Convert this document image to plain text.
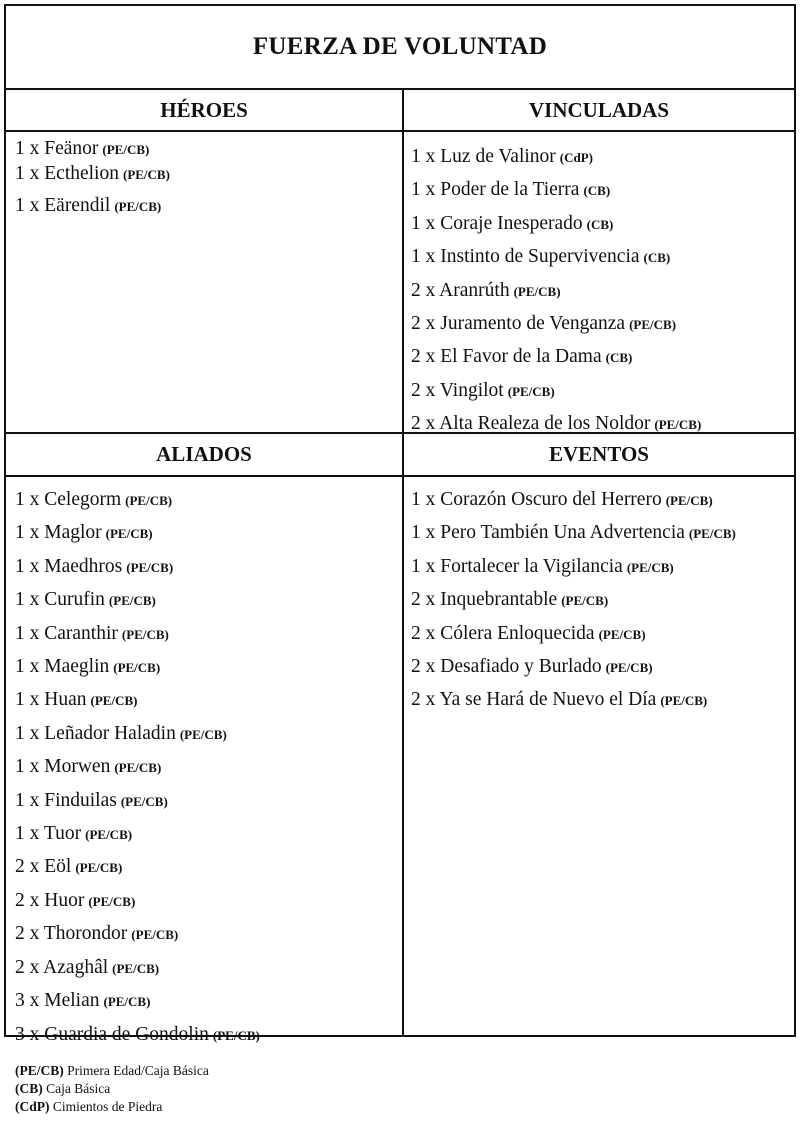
FUERZA DE VOLUNTAD
HÉROES	VINCULADAS
ALIADOS	EVENTOS
1 x Feänor (PE/CB)
1 x Ecthelion (PE/CB)
1 x Eärendil (PE/CB)
1 x Luz de Valinor (CdP)
1 x Poder de la Tierra (CB)
1 x Coraje Inesperado (CB)
1 x Instinto de Supervivencia (CB)
2 x Aranrúth (PE/CB)
2 x Juramento de Venganza (PE/CB)
2 x El Favor de la Dama (CB)
2 x Vingilot (PE/CB)
2 x Alta Realeza de los Noldor (PE/CB)
1 x Celegorm (PE/CB)
1 x Maglor (PE/CB)
1 x Maedhros (PE/CB)
1 x Curufin (PE/CB)
1 x Caranthir (PE/CB)
1 x Maeglin (PE/CB)
1 x Huan (PE/CB)
1 x Leñador Haladin (PE/CB)
1 x Morwen (PE/CB)
1 x Finduilas (PE/CB)
1 x Tuor (PE/CB)
2 x Eöl (PE/CB)
2 x Huor (PE/CB)
2 x Thorondor (PE/CB)
2 x Azaghâl (PE/CB)
3 x Melian (PE/CB)
3 x Guardia de Gondolin (PE/CB)
1 x Corazón Oscuro del Herrero (PE/CB)
1 x Pero También Una Advertencia (PE/CB)
1 x Fortalecer la Vigilancia (PE/CB)
2 x Inquebrantable (PE/CB)
2 x Cólera Enloquecida (PE/CB)
2 x Desafiado y Burlado (PE/CB)
2 x Ya se Hará de Nuevo el Día (PE/CB)
(PE/CB) Primera Edad/Caja Básica
(CB) Caja Básica
(CdP) Cimientos de Piedra
